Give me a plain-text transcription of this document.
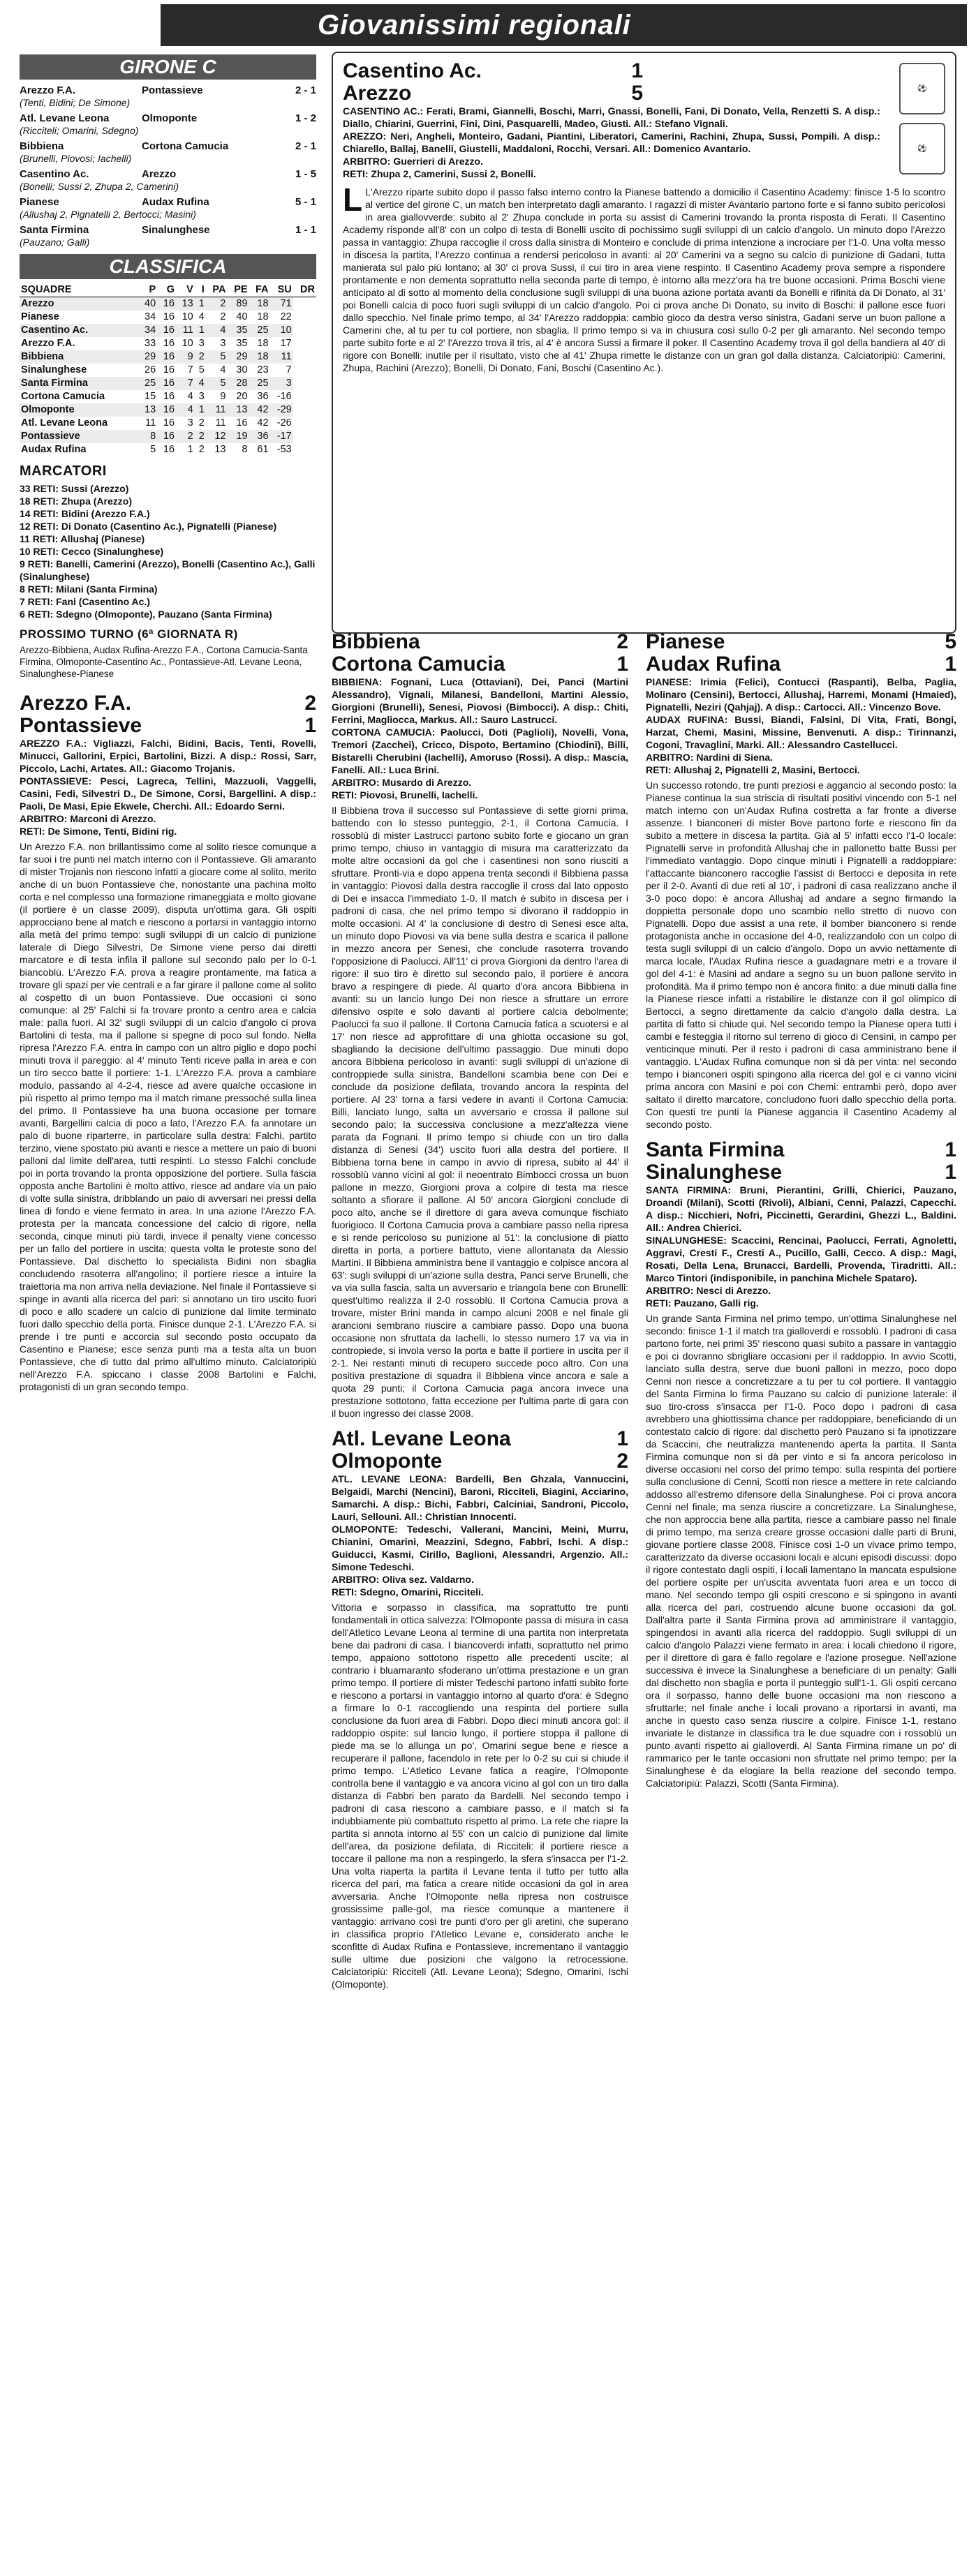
Giovanissimi regionali
GIRONE C
Arezzo F.A.	Pontassieve	2 - 1
(Tenti, Bidini; De Simone)
Atl. Levane Leona	Olmoponte	1 - 2
(Ricciteli; Omarini, Sdegno)
Bibbiena	Cortona Camucia	2 - 1
(Brunelli, Piovosi; Iachelli)
Casentino Ac.	Arezzo	1 - 5
(Bonelli; Sussi 2, Zhupa 2, Camerini)
Pianese	Audax Rufina	5 - 1
(Allushaj 2, Pignatelli 2, Bertocci; Masini)
Santa Firmina	Sinalunghese	1 - 1
(Pauzano; Galli)
CLASSIFICA
SQUADRE	P	G	V	I	PA	PE	FA	SU	DR
Arezzo	40	16	13	1	2	89	18	71	
Pianese	34	16	10	4	2	40	18	22	
Casentino Ac.	34	16	11	1	4	35	25	10	
Arezzo F.A.	33	16	10	3	3	35	18	17	
Bibbiena	29	16	9	2	5	29	18	11	
Sinalunghese	26	16	7	5	4	30	23	7	
Santa Firmina	25	16	7	4	5	28	25	3	
Cortona Camucia	15	16	4	3	9	20	36	-16	
Olmoponte	13	16	4	1	11	13	42	-29	
Atl. Levane Leona	11	16	3	2	11	16	42	-26	
Pontassieve	8	16	2	2	12	19	36	-17	
Audax Rufina	5	16	1	2	13	8	61	-53	
MARCATORI
33 RETI: Sussi (Arezzo)
18 RETI: Zhupa (Arezzo)
14 RETI: Bidini (Arezzo F.A.)
12 RETI: Di Donato (Casentino Ac.), Pignatelli (Pianese)
11 RETI: Allushaj (Pianese)
10 RETI: Cecco (Sinalunghese)
9 RETI: Banelli, Camerini (Arezzo), Bonelli (Casentino Ac.), Galli (Sinalunghese)
8 RETI: Milani (Santa Firmina)
7 RETI: Fani (Casentino Ac.)
6 RETI: Sdegno (Olmoponte), Pauzano (Santa Firmina)
PROSSIMO TURNO (6ª GIORNATA R)
Arezzo-Bibbiena, Audax Rufina-Arezzo F.A., Cortona Camucia-Santa Firmina, Olmoponte-Casentino Ac., Pontassieve-Atl. Levane Leona, Sinalunghese-Pianese
Arezzo F.A.	2
Pontassieve	1
AREZZO F.A.: Vigliazzi, Falchi, Bidini, Bacis, Tenti, Rovelli, Minucci, Gallorini, Erpici, Bartolini, Bizzi. A disp.: Rossi, Sarr, Piccolo, Lachi, Artates. All.: Giacomo Trojanis.
PONTASSIEVE: Pesci, Lagreca, Tellini, Mazzuoli, Vaggelli, Casini, Fedi, Silvestri D., De Simone, Corsi, Bargellini. A disp.: Paoli, De Masi, Epie Ekwele, Cherchi. All.: Edoardo Serni.
ARBITRO: Marconi di Arezzo.
RETI: De Simone, Tenti, Bidini rig.
Un Arezzo F.A. non brillantissimo come al solito riesce comunque a far suoi i tre punti nel match interno con il Pontassieve. Gli amaranto di mister Trojanis non riescono infatti a giocare come al solito, merito anche di un buon Pontassieve che, nonostante una pachina molto corta e nel complesso una formazione rimaneggiata e molto giovane (il portiere è un classe 2009), disputa un'ottima gara. Gli ospiti approcciano bene al match e riescono a portarsi in vantaggio intorno alla metà del primo tempo: sugli sviluppi di un calcio di punizione laterale di Diego Silvestri, De Simone viene perso dai diretti marcatore e di testa infila il pallone sul secondo palo per lo 0-1 biancoblù. L'Arezzo F.A. prova a reagire prontamente, ma fatica a trovare gli spazi per vie centrali e a far girare il pallone come al solito al cospetto di un buon Pontassieve. Due occasioni ci sono comunque: al 25' Falchi si fa trovare pronto a centro area e calcia male: palla fuori. Al 32' sugli sviluppi di un calcio d'angolo ci prova Bartolini di testa, ma il pallone si spegne di poco sul fondo. Nella ripresa l'Arezzo F.A. entra in campo con un altro piglio e dopo pochi minuti trova il pareggio: al 4' minuto Tenti riceve palla in area e con un tiro secco batte il portiere: 1-1. L'Arezzo F.A. prova a cambiare modulo, passando al 4-2-4, riesce ad avere qualche occasione in più rispetto al primo tempo ma il match rimane pressoché sulla linea del primo. Il Pontassieve ha una buona occasione per tornare avanti, Bargellini calcia di poco a lato, l'Arezzo F.A. fa annotare un palo di buone riparterre, in particolare sulla destra: Falchi, partito terzino, viene spostato più avanti e riesce a mettere un paio di buoni palloni dal limite dell'area, tutti respinti. Lo stesso Falchi conclude poi in porta trovando la pronta opposizione del portiere. Sulla fascia opposta anche Bartolini è molto attivo, riesce ad andare via un paio di volte sulla sinistra, dribblando un paio di avversari nei pressi della linea di fondo e viene fermato in area. In una azione l'Arezzo F.A. protesta per la mancata concessione del calcio di rigore, nella seconda, cinque minuti più tardi, invece il penalty viene concesso per un fallo del portiere in uscita; questa volta le proteste sono del Pontassieve. Dal dischetto lo specialista Bidini non sbaglia concludendo rasoterra all'angolino; il portiere riesce a intuire la traiettoria ma non arriva nella deviazione. Nel finale il Pontassieve si spinge in avanti alla ricerca del pari: si annotano un tiro uscito fuori di poco e allo scadere un calcio di punizione dal limite terminato fuori dallo specchio della porta. Finisce dunque 2-1. L'Arezzo F.A. si prende i tre punti e accorcia sul secondo posto occupato da Casentino e Pianese; esce senza punti ma a testa alta un buon Pontassieve, che di tutto dal primo all'ultimo minuto. Calciatoripiù nell'Arezzo F.A. spiccano i classe 2008 Bartolini e Falchi, protagonisti di un gran secondo tempo.
⚽
⚽
Casentino Ac.	1
Arezzo	5
CASENTINO AC.: Ferati, Brami, Giannelli, Boschi, Marri, Gnassi, Bonelli, Fani, Di Donato, Vella, Renzetti S. A disp.: Diallo, Chiarini, Guerrini, Fini, Dini, Pasquarelli, Madeo, Giusti. All.: Stefano Vignali.
AREZZO: Neri, Angheli, Monteiro, Gadani, Piantini, Liberatori, Camerini, Rachini, Zhupa, Sussi, Pompili. A disp.: Chiarello, Ballaj, Banelli, Giustelli, Maddaloni, Rocchi, Versari. All.: Domenico Avantario.
ARBITRO: Guerrieri di Arezzo.
RETI: Zhupa 2, Camerini, Sussi 2, Bonelli.
L L'Arezzo riparte subito dopo il passo falso interno contro la Pianese battendo a domicilio il Casentino Academy: finisce 1-5 lo scontro al vertice del girone C, un match ben interpretato dagli amaranto. I ragazzi di mister Avantario partono forte e si fanno subito pericolosi in area giallovverde: subito al 2' Zhupa conclude in porta su assist di Camerini trovando la pronta risposta di Ferati. Il Casentino Academy risponde all'8' con un colpo di testa di Bonelli uscito di pochissimo sugli sviluppi di un calcio d'angolo. Un minuto dopo l'Arezzo passa in vantaggio: Zhupa raccoglie il cross dalla sinistra di Monteiro e conclude di prima intenzione a incrociare per l'1-0. Una volta messo in discesa la partita, l'Arezzo continua a rendersi pericoloso in avanti: al 20' Camerini va a segno su calcio di punizione di Gadani, tutta manierata sul palo più lontano; al 30' ci prova Sussi, il cui tiro in area viene respinto. Il Casentino Academy prova sempre a rispondere prontamente e non dementa soprattutto nella seconda parte di tempo, è intorno alla mezz'ora ha tre buone occasioni. Prima Boschi viene anticipato al di sotto al momento della conclusione sugli sviluppi di una buona azione portata avanti da Bonelli e rifinita da Di Donato, al 31' poi Bonelli calcia di poco fuori sugli sviluppi di un calcio d'angolo. Poi ci prova anche Di Donato, su invito di Boschi: il pallone esce fuori dallo specchio. Nel finale primo tempo, al 34' l'Arezzo raddoppia: cambio gioco da destra verso sinistra, Gadani serve un buon pallone a Camerini che, al tu per tu col portiere, non sbaglia. Il primo tempo si va in chiusura così sullo 0-2 per gli amaranto. Nel secondo tempo parte subito forte e al 2' l'Arezzo trova il tris, al 4' è ancora Sussi a firmare il poker. Il Casentino Academy trova il gol della bandiera al 40' di rigore con Bonelli: inutile per il risultato, visto che al 41' Zhupa rimette le distanze con un gran gol dalla distanza. Calciatoripiù: Camerini, Zhupa, Rachini (Arezzo); Bonelli, Di Donato, Fani, Boschi (Casentino Ac.).
Bibbiena	2
Cortona Camucia	1
BIBBIENA: Fognani, Luca (Ottaviani), Dei, Panci (Martini Alessandro), Vignali, Milanesi, Bandelloni, Martini Alessio, Giorgioni (Brunelli), Senesi, Piovosi (Bimbocci). A disp.: Chiti, Ferrini, Magliocca, Markus. All.: Sauro Lastrucci.
CORTONA CAMUCIA: Paolucci, Doti (Paglioli), Novelli, Vona, Tremori (Zacchei), Cricco, Dispoto, Bertamino (Chiodini), Billi, Bistarelli Cherubini (Iachelli), Amoruso (Rossi). A disp.: Mascia, Fanelli. All.: Luca Brini.
ARBITRO: Musardo di Arezzo.
RETI: Piovosi, Brunelli, Iachelli.
Il Bibbiena trova il successo sul Pontassieve di sette giorni prima, battendo con lo stesso punteggio, 2-1, il Cortona Camucia. I rossoblù di mister Lastrucci partono subito forte e giocano un gran primo tempo, chiuso in vantaggio di misura ma caratterizzato da molte altre occasioni da gol che i casentinesi non sono riusciti a sfruttare. Pronti-via e dopo appena trenta secondi il Bibbiena passa in vantaggio: Piovosi dalla destra raccoglie il cross dal lato opposto di Dei e insacca l'immediato 1-0. Il match è subito in discesa per i padroni di casa, che nel primo tempo si divorano il raddoppio in molte occasioni. Al 4' la conclusione di destro di Senesi esce alta, un minuto dopo Piovosi va via bene sulla destra e scarica il pallone in mezzo ancora per Senesi, che conclude rasoterra trovando l'opposizione di Paolucci. All'11' ci prova Giorgioni da dentro l'area di rigore: il suo tiro è diretto sul secondo palo, il portiere è ancora bravo a respingere di piede. Al quarto d'ora ancora Bibbiena in avanti: su un lancio lungo Dei non riesce a sfruttare un errore difensivo ospite e solo davanti al portiere calcia debolmente; Paolucci fa suo il pallone. Il Cortona Camucia fatica a scuotersi e al 17' non riesce ad approfittare di una ghiotta occasione su gol, sbagliando la decisione dell'ultimo passaggio. Due minuti dopo ancora Bibbiena pericoloso in avanti: sugli sviluppi di un'azione di controppiede sulla sinistra, Bandelloni scambia bene con Dei e conclude da posizione defilata, trovando ancora la respinta del portiere. Al 23' torna a farsi vedere in avanti il Cortona Camucia: Billi, lanciato lungo, salta un avversario e crossa il pallone sul secondo palo; la successiva conclusione a mezz'altezza viene parata da Fognani. Il primo tempo si chiude con un tiro dalla distanza di Senesi (34') uscito fuori alla destra del portiere. Il Bibbiena torna bene in campo in avvio di ripresa, subito al 44' il rossoblù vanno vicini al gol: il neoentrato Bimbocci crossa un buon pallone in mezzo, Giorgioni prova a colpire di testa ma riesce soltanto a sfiorare il pallone. Al 50' ancora Giorgioni conclude di poco alto, anche se il direttore di gara aveva comunque fischiato fuorigioco. Il Cortona Camucia prova a cambiare passo nella ripresa e si rende pericoloso su punizione al 51': la conclusione di piatto diretta in porta, a portiere battuto, viene allontanata da Alessio Martini. Il Bibbiena amministra bene il vantaggio e colpisce ancora al 63': sugli sviluppi di un'azione sulla destra, Panci serve Brunelli, che va via sulla fascia, salta un avversario e triangola bene con Brunelli: quest'ultimo realizza il 2-0 rossoblù. Il Cortona Camucia prova a trovare, mister Brini manda in campo alcuni 2008 e nel finale gli arancioni sembrano riuscire a cambiare passo. Dopo una buona occasione non sfruttata da Iachelli, lo stesso numero 17 va via in contropiede, si invola verso la porta e batte il portiere in uscita per il 2-1. Nei restanti minuti di recupero succede poco altro. Con una positiva prestazione di squadra il Bibbiena vince ancora e sale a quota 29 punti; il Cortona Camucia paga ancora invece una prestazione sottotono, fatta eccezione per l'ultima parte di gara con il buon ingresso dei classe 2008.
Atl. Levane Leona	1
Olmoponte	2
ATL. LEVANE LEONA: Bardelli, Ben Ghzala, Vannuccini, Belgaidi, Marchi (Nencini), Baroni, Ricciteli, Biagini, Acciarino, Samarchi. A disp.: Bichi, Fabbri, Calciniai, Sandroni, Piccolo, Lauri, Sellouni. All.: Christian Innocenti.
OLMOPONTE: Tedeschi, Vallerani, Mancini, Meini, Murru, Chianini, Omarini, Meazzini, Sdegno, Fabbri, Ischi. A disp.: Guiducci, Kasmi, Cirillo, Baglioni, Alessandri, Argenzio. All.: Simone Tedeschi.
ARBITRO: Oliva sez. Valdarno.
RETI: Sdegno, Omarini, Ricciteli.
Vittoria e sorpasso in classifica, ma soprattutto tre punti fondamentali in ottica salvezza: l'Olmoponte passa di misura in casa dell'Atletico Levane Leona al termine di una partita non interpretata bene dai padroni di casa. I biancoverdi infatti, soprattutto nel primo tempo, appaiono sottotono rispetto alle precedenti uscite; al contrario i bluamaranto sfoderano un'ottima prestazione e un gran primo tempo. Il portiere di mister Tedeschi partono infatti subito forte e riescono a portarsi in vantaggio intorno al quarto d'ora: è Sdegno a firmare lo 0-1 raccogliendo una respinta del portiere sulla conclusione da fuori area di Fabbri. Dopo dieci minuti ancora gol: il raddoppio ospite: sul lancio lungo, il portiere stoppa il pallone di piede ma se lo allunga un po', Omarini segue bene e riesce a recuperare il pallone, facendolo in rete per lo 0-2 su cui si chiude il primo tempo. L'Atletico Levane fatica a reagire, l'Olmoponte controlla bene il vantaggio e va ancora vicino al gol con un tiro dalla distanza di Fabbri ben parato da Bardelli. Nel secondo tempo i padroni di casa riescono a cambiare passo, e il match si fa indubbiamente più combattuto rispetto al primo. La rete che riapre la partita si annota intorno al 55' con un calcio di punizione dal limite dell'area, da posizione defilata, di Ricciteli: il portiere riesce a toccare il pallone ma non a respingerlo, la sfera s'insacca per l'1-2. Una volta riaperta la partita il Levane tenta il tutto per tutto alla ricerca del pari, ma fatica a creare nitide occasioni da gol in area avversaria. Anche l'Olmoponte nella ripresa non costruisce grossissime palle-gol, ma riesce comunque a mantenere il vantaggio: arrivano così tre punti d'oro per gli aretini, che superano in classifica proprio l'Atletico Levane e, considerato anche le sconfitte di Audax Rufina e Pontassieve, incrementano il vantaggio sulle ultime due posizioni che valgono la retrocessione. Calciatoripiù: Ricciteli (Atl. Levane Leona); Sdegno, Omarini, Ischi (Olmoponte).
Pianese	5
Audax Rufina	1
PIANESE: Irimia (Felici), Contucci (Raspanti), Belba, Paglia, Molinaro (Censini), Bertocci, Allushaj, Harremi, Monami (Hmaied), Pignatelli, Neziri (Qahjaj). A disp.: Cartocci. All.: Vincenzo Bove.
AUDAX RUFINA: Bussi, Biandi, Falsini, Di Vita, Frati, Bongi, Harzat, Chemi, Masini, Missine, Benvenuti. A disp.: Tirinnanzi, Cogoni, Travaglini, Marki. All.: Alessandro Castellucci.
ARBITRO: Nardini di Siena.
RETI: Allushaj 2, Pignatelli 2, Masini, Bertocci.
Un successo rotondo, tre punti preziosi e aggancio al secondo posto: la Pianese continua la sua striscia di risultati positivi vincendo con 5-1 nel match interno con un'Audax Rufina costretta a far fronte a diverse assenze. I bianconeri di mister Bove partono forte e riescono fin da subito a mettere in discesa la partita. Già al 5' infatti ecco l'1-0 locale: Pignatelli serve in profondità Allushaj che in pallonetto batte Bussi per l'immediato vantaggio. Dopo cinque minuti i Pignatelli a raddoppiare: l'attaccante bianconero raccoglie l'assist di Bertocci e deposita in rete per il 2-0. Avanti di due reti al 10', i padroni di casa realizzano anche il 3-0 poco dopo: è ancora Allushaj ad andare a segno firmando la doppietta personale dopo uno scambio nello stretto di nuovo con Pignatelli. Dopo due assist a una rete, il bomber bianconero si rende protagonista anche in occasione del 4-0, realizzandolo con un colpo di testa sugli sviluppi di un calcio d'angolo. Dopo un avvio nettamente di marca locale, l'Audax Rufina riesce a guadagnare metri e a trovare il gol del 4-1: è Masini ad andare a segno su un buon pallone servito in profondità. Ma il primo tempo non è ancora finito: a due minuti dalla fine la Pianese riesce infatti a ristabilire le distanze con il gol olimpico di Bertocci, a segno direttamente da calcio d'angolo dalla destra. La partita di fatto si chiude qui. Nel secondo tempo la Pianese opera tutti i cambi e festeggia il ritorno sul terreno di gioco di Censini, in campo per venticinque minuti. Per il resto i padroni di casa amministrano bene il vantaggio. L'Audax Rufina comunque non si dà per vinta: nel secondo tempo i bianconeri ospiti spingono alla ricerca del gol e ci vanno vicini prima ancora con Masini e poi con Chemi: entrambi però, dopo aver saltato il diretto marcatore, concludono fuori dallo specchio della porta. Con questi tre punti la Pianese aggancia il Casentino Academy al secondo posto.
Santa Firmina	1
Sinalunghese	1
SANTA FIRMINA: Bruni, Pierantini, Grilli, Chierici, Pauzano, Droandi (Milani), Scotti (Rivoli), Albiani, Cenni, Palazzi, Capecchi. A disp.: Nicchieri, Nofri, Piccinetti, Gerardini, Ghezzi L., Baldini. All.: Andrea Chierici.
SINALUNGHESE: Scaccini, Rencinai, Paolucci, Ferrati, Agnoletti, Aggravi, Cresti F., Cresti A., Pucillo, Galli, Cecco. A disp.: Magi, Rosati, Della Lena, Brunacci, Bardelli, Provenda, Tiradritti. All.: Marco Tintori (indisponibile, in panchina Michele Spataro).
ARBITRO: Nesci di Arezzo.
RETI: Pauzano, Galli rig.
Un grande Santa Firmina nel primo tempo, un'ottima Sinalunghese nel secondo: finisce 1-1 il match tra gialloverdi e rossoblù. I padroni di casa partono forte, nei primi 35' riescono quasi subito a passare in vantaggio e poi ci dovranno sbrigliare occasioni per il raddoppio. In avvio Scotti, lanciato sulla destra, serve due buoni palloni in mezzo, poco dopo Cenni non riesce a concretizzare a tu per tu col portiere. Il vantaggio del Santa Firmina lo firma Pauzano su calcio di punizione laterale: il suo tiro-cross s'insacca per l'1-0. Poco dopo i padroni di casa avrebbero una ghiottissima chance per raddoppiare, beneficiando di un contestato calcio di rigore: dal dischetto però Pauzano si fa ipnotizzare da Scaccini, che neutralizza mantenendo aperta la partita. Il Santa Firmina comunque non si dà per vinto e si fa ancora pericoloso in diverse occasioni nel corso del primo tempo: sulla respinta del portiere sulla conclusione di Cenni, Scotti non riesce a mettere in rete calciando addosso all'estremo difensore della Sinalunghese. Poi ci prova ancora Cenni nel finale, ma senza riuscire a concretizzare. La Sinalunghese, che non approccia bene alla partita, riesce a cambiare passo nel finale di primo tempo, ma senza creare grosse occasioni dalle parti di Bruni, giovane portiere classe 2008. Finisce così 1-0 un vivace primo tempo, caratterizzato da diverse occasioni locali e alcuni episodi discussi: dopo il rigore contestato dagli ospiti, i locali lamentano la mancata espulsione del portiere ospite per un'uscita avventata fuori area e un tocco di mano. Nel secondo tempo gli ospiti crescono e si spingono in avanti alla ricerca del pari, costruendo alcune buone occasioni da gol. Dall'altra parte il Santa Firmina prova ad amministrare il vantaggio, spingendosi in avanti alla ricerca del raddoppio. Sugli sviluppi di un calcio d'angolo Palazzi viene fermato in area: i locali chiedono il rigore, per il direttore di gara è fallo regolare e l'azione prosegue. Nell'azione successiva è invece la Sinalunghese a beneficiare di un penalty: Galli dal dischetto non sbaglia e porta il punteggio sull'1-1. Gli ospiti cercano ora il sorpasso, hanno delle buone occasioni ma non riescono a sfruttarle; nel finale anche i locali provano a riportarsi in avanti, ma anche in questo caso senza riuscire a colpire. Finisce 1-1, restano invariate le distanze in classifica tra le due squadre con i rossoblù un punto avanti rispetto ai gialloverdi. Al Santa Firmina rimane un po' di rammarico per le tante occasioni non sfruttate nel primo tempo; per la Sinalunghese è da elogiare la bella reazione del secondo tempo. Calciatoripiù: Palazzi, Scotti (Santa Firmina).
